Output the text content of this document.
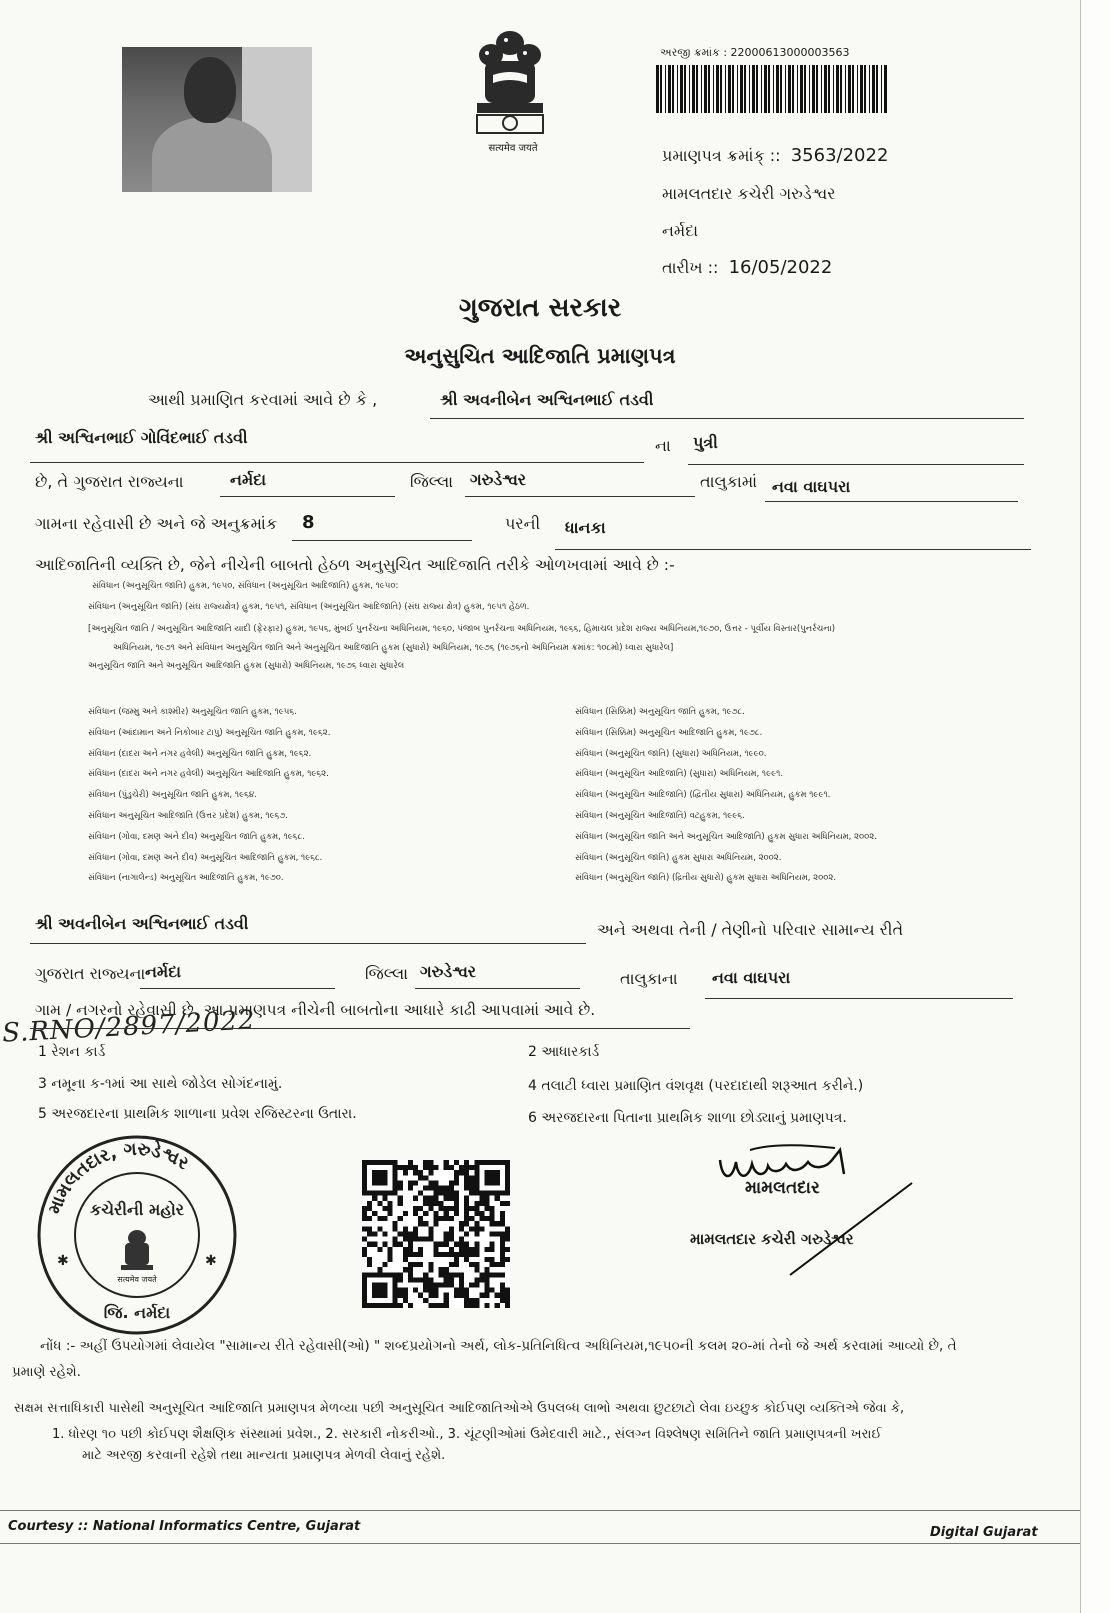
सत्यमेव जयते
અરજી ક્રમાંક : 2200061300000​3563
પ્રમાણપત્ર ક્રમાંક્ :: 3563/2022
મામલતદાર કચેરી ગરુડેશ્વર
નર્મદા
તારીખ :: 16/05/2022
ગુજરાત સરકાર
અનુસુચિત આદિજાતિ પ્રમાણપત્ર
આથી પ્રમાણિત કરવામાં આવે છે કે ,	શ્રી અવનીબેન અશ્વિનભાઈ તડવી
શ્રી અશ્વિનભાઈ ગોવિંદભાઈ તડવી	ના પુત્રી
છે, તે ગુજરાત રાજ્યના	નર્મદા	જિલ્લા ગરુડેશ્વર	તાલુકામાં નવા વાઘપરા
ગામના રહેવાસી છે અને જે અનુક્રમાંક 8	પરની ધાનકા
આદિજાતિની વ્યક્તિ છે, જેને નીચેની બાબતો હેઠળ અનુસુચિત આદિજાતિ તરીકે ઓળખવામાં આવે છે :-
સંવિધાન (અનુસૂચિત જાતિ) હુકમ, ૧૯૫૦, સંવિધાન (અનુસૂચિત આદિજાતિ) હુકમ, ૧૯૫૦:
સંવિધાન (અનુસૂચિત જાતિ) (સંઘ રાજ્યક્ષેત્ર) હુકમ, ૧૯૫૧, સંવિધાન (અનુસૂચિત આદિજાતિ) (સંઘ રાજ્ય ક્ષેત્ર) હુકમ, ૧૯૫૧ હેઠળ.
[અનુસૂચિત જાતિ / અનુસૂચિત આદિજાતિ યાદી (ફેરફાર) હુકમ, ૧૯૫૬, મુંબઈ પુનર્રચના અધિનિયમ, ૧૯૬૦, પંજાબ પુનર્રચના અધિનિયમ, ૧૯૬૬, હિમાચલ પ્રદેશ રાજ્ય અધિનિયમ,૧૯૭૦, ઉત્તર - પૂર્વીય વિસ્તાર(પુનર્રચના)
અધિનિયમ, ૧૯૭૧ અને સંવિધાન અનુસૂચિત જાતિ અને અનુસૂચિત આદિજાતિ હુકમ (સુધારો) અધિનિયમ, ૧૯૭૬ (૧૯૭૬નો અધિનિયમ ક્રમાંક: ૧૦૮મો) ધ્વારા સુધારેલ]
અનુસૂચિત જાતિ અને અનુસૂચિત આદિજાતિ હુકમ (સુધારો) અધિનિયમ, ૧૯૭૬ ધ્વારા સુધારેલ
સંવિધાન (જમ્મુ અને કાશ્મીર) અનુસૂચિત જાતિ હુકમ, ૧૯૫૬.
સંવિધાન (આંદામાન અને નિકોબાર ટાપુ) અનુસૂચિત જાતિ હુકમ, ૧૯૬૨.
સંવિધાન (દાદરા અને નગર હવેલી) અનુસૂચિત જાતિ હુકમ, ૧૯૬૨.
સંવિધાન (દાદરા અને નગર હવેલી) અનુસૂચિત આદિજાતિ હુકમ, ૧૯૬૨.
સંવિધાન (પુંડુચેરી) અનુસૂચિત જાતિ હુકમ, ૧૯૬૪.
સંવિધાન અનુસૂચિત આદિજાતિ (ઉત્તર પ્રદેશ) હુકમ, ૧૯૬૭.
સંવિધાન (ગોવા, દમણ અને દીવ) અનુસૂચિત જાતિ હુકમ, ૧૯૬૮.
સંવિધાન (ગોવા, દમણ અને દીવ) અનુસૂચિત આદિજાતિ હુકમ, ૧૯૬૮.
સંવિધાન (નાગાલેન્ડ) અનુસૂચિત આદિજાતિ હુકમ, ૧૯૭૦.
સંવિધાન (સિક્કિમ) અનુસૂચિત જાતિ હુકમ, ૧૯૭૮.
સંવિધાન (સિક્કિમ) અનુસૂચિત આદિજાતિ હુકમ, ૧૯૭૮.
સંવિધાન (અનુસૂચિત જાતિ) (સુધારા) અધિનિયમ, ૧૯૯૦.
સંવિધાન (અનુસૂચિત આદિજાતિ) (સુધારા) અધિનિયમ, ૧૯૯૧.
સંવિધાન (અનુસૂચિત આદિજાતિ) (દ્વિતીય સુધારા) અધિનિયમ, હુકમ ૧૯૯૧.
સંવિધાન (અનુસૂચિત આદિજાતિ) વટહુકમ, ૧૯૯૬.
સંવિધાન (અનુસૂચિત જાતિ અને અનુસૂચિત આદિજાતિ) હુકમ સુધારા અધિનિયમ, ૨૦૦૨.
સંવિધાન (અનુસૂચિત જાતિ) હુકમ સુધારા અધિનિયમ, ૨૦૦૨.
સંવિધાન (અનુસૂચિત જાતિ) (દ્રિતીય સુધારો) હુકમ સુધારા અધિનિયમ, ૨૦૦૨.
શ્રી અવનીબેન અશ્વિનભાઈ તડવી	અને અથવા તેની / તેણીનો પરિવાર સામાન્ય રીતે
ગુજરાત રાજ્યના નર્મદા	જિલ્લા ગરુડેશ્વર	તાલુકાના નવા વાઘપરા
ગામ / નગરનો રહેવાસી છે. આ પ્રમાણપત્ર નીચેની બાબતોના આધારે કાઢી આપવામાં આવે છે.
S.RNO/2897/2022
1 રેશન કાર્ડ	2 આધારકાર્ડ
3 નમૂના ક-૧માં આ સાથે જોડેલ સોગંદનામું.	4 તલાટી ધ્વારા પ્રમાણિત વંશવૃક્ષ (પરદાદાથી શરૂઆત કરીને.)
5 અરજદારના પ્રાથમિક શાળાના પ્રવેશ રજિસ્ટરના ઉતારા.	6 અરજદારના પિતાના પ્રાથમિક શાળા છોડ્યાનું પ્રમાણપત્ર.
મામલતદાર, ગરુડેશ્વર
કચેરીની મહોર
सत्यमेव जयते
જિ. નર્મદા
✱	✱
મામલતદાર
મામલતદાર કચેરી ગરુડેશ્વર
નોંધ :- અહીં ઉપયોગમાં લેવાયેલ "સામાન્ય રીતે રહેવાસી(ઓ) " શબ્દપ્રયોગનો અર્થ, લોક-પ્રતિનિધિત્વ અધિનિયમ,૧૯૫૦ની કલમ ૨૦-માં તેનો જે અર્થ કરવામાં આવ્યો છે, તે
પ્રમાણે રહેશે.
સક્ષમ સત્તાધિકારી પાસેથી અનુસૂચિત આદિજાતિ પ્રમાણપત્ર મેળવ્યા પછી અનુસૂચિત આદિજાતિઓએ ઉપલબ્ધ લાભો અથવા છુટછાટો લેવા ઇચ્છુક કોઈપણ વ્યક્તિએ જેવા કે,
1. ધોરણ ૧૦ પછી કોઈપણ શૈક્ષણિક સંસ્થામાં પ્રવેશ., 2. સરકારી નોકરીઓ., 3. ચૂંટણીઓમાં ઉમેદવારી માટે., સંલગ્ન વિશ્લેષણ સમિતિને જાતિ પ્રમાણપત્રની ખરાઈ
માટે અરજી કરવાની રહેશે તથા માન્યતા પ્રમાણપત્ર મેળવી લેવાનું રહેશે.
Courtesy :: National Informatics Centre, Gujarat	Digital Gujarat
